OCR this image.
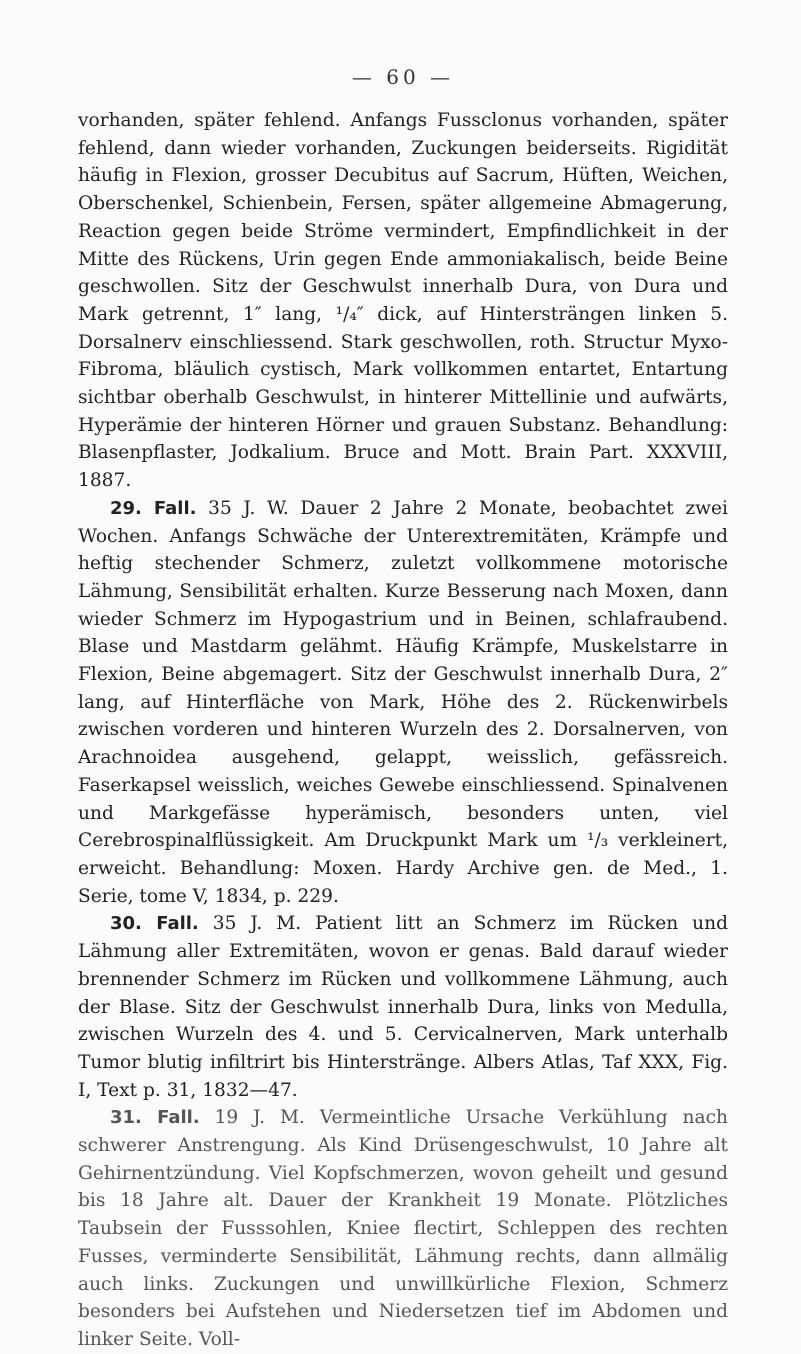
— 60 —

vorhanden, später fehlend. Anfangs Fussclonus vorhanden, später fehlend, dann wieder vorhanden, Zuckungen beiderseits. Rigidität häufig in Flexion, grosser Decubitus auf Sacrum, Hüften, Weichen, Oberschenkel, Schienbein, Fersen, später allgemeine Abmagerung, Reaction gegen beide Ströme vermindert, Empfindlichkeit in der Mitte des Rückens, Urin gegen Ende ammoniakalisch, beide Beine geschwollen. Sitz der Geschwulst innerhalb Dura, von Dura und Mark getrennt, 1″ lang, ¹/₄″ dick, auf Hintersträngen linken 5. Dorsalnerv einschliessend. Stark geschwollen, roth. Structur Myxo-Fibroma, bläulich cystisch, Mark vollkommen entartet, Entartung sichtbar oberhalb Geschwulst, in hinterer Mittellinie und aufwärts, Hyperämie der hinteren Hörner und grauen Substanz. Behandlung: Blasenpflaster, Jodkalium. Bruce and Mott. Brain Part. XXXVIII, 1887.

29. Fall. 35 J. W. Dauer 2 Jahre 2 Monate, beobachtet zwei Wochen. Anfangs Schwäche der Unterextremitäten, Krämpfe und heftig stechender Schmerz, zuletzt vollkommene motorische Lähmung, Sensibilität erhalten. Kurze Besserung nach Moxen, dann wieder Schmerz im Hypogastrium und in Beinen, schlafraubend. Blase und Mastdarm gelähmt. Häufig Krämpfe, Muskelstarre in Flexion, Beine abgemagert. Sitz der Geschwulst innerhalb Dura, 2″ lang, auf Hinterfläche von Mark, Höhe des 2. Rückenwirbels zwischen vorderen und hinteren Wurzeln des 2. Dorsalnerven, von Arachnoidea ausgehend, gelappt, weisslich, gefässreich. Faserkapsel weisslich, weiches Gewebe einschliessend. Spinalvenen und Markgefässe hyperämisch, besonders unten, viel Cerebrospinalflüssigkeit. Am Druckpunkt Mark um ¹/₃ verkleinert, erweicht. Behandlung: Moxen. Hardy Archive gen. de Med., 1. Serie, tome V, 1834, p. 229.

30. Fall. 35 J. M. Patient litt an Schmerz im Rücken und Lähmung aller Extremitäten, wovon er genas. Bald darauf wieder brennender Schmerz im Rücken und vollkommene Lähmung, auch der Blase. Sitz der Geschwulst innerhalb Dura, links von Medulla, zwischen Wurzeln des 4. und 5. Cervicalnerven, Mark unterhalb Tumor blutig infiltrirt bis Hinterstränge. Albers Atlas, Taf XXX, Fig. I, Text p. 31, 1832—47.

31. Fall. 19 J. M. Vermeintliche Ursache Verkühlung nach schwerer Anstrengung. Als Kind Drüsengeschwulst, 10 Jahre alt Gehirnentzündung. Viel Kopfschmerzen, wovon geheilt und gesund bis 18 Jahre alt. Dauer der Krankheit 19 Monate. Plötzliches Taubsein der Fusssohlen, Kniee flectirt, Schleppen des rechten Fusses, verminderte Sensibilität, Lähmung rechts, dann allmälig auch links. Zuckungen und unwillkürliche Flexion, Schmerz besonders bei Aufstehen und Niedersetzen tief im Abdomen und linker Seite. Voll-
